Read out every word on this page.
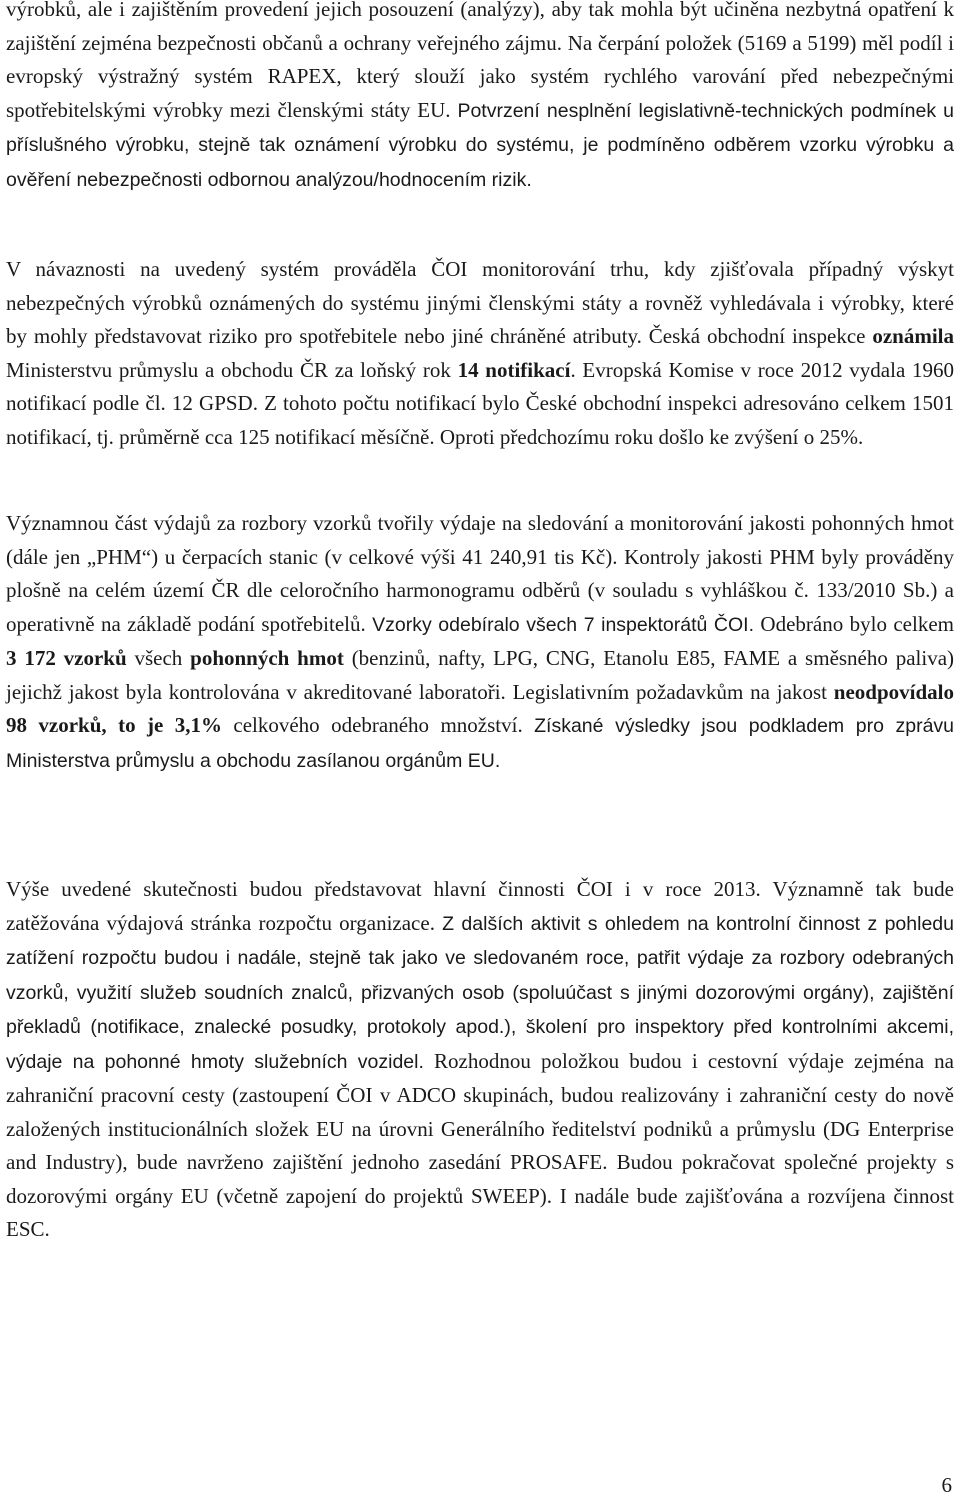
výrobků, ale i zajištěním provedení jejich posouzení (analýzy), aby tak mohla být učiněna nezbytná opatření k zajištění zejména bezpečnosti občanů a ochrany veřejného zájmu. Na čerpání položek (5169 a 5199) měl podíl i evropský výstražný systém RAPEX, který slouží jako systém rychlého varování před nebezpečnými spotřebitelskými výrobky mezi členskými státy EU. Potvrzení nesplnění legislativně-technických podmínek u příslušného výrobku, stejně tak oznámení výrobku do systému, je podmíněno odběrem vzorku výrobku a ověření nebezpečnosti odbornou analýzou/hodnocením rizik.

V návaznosti na uvedený systém prováděla ČOI monitorování trhu, kdy zjišťovala případný výskyt nebezpečných výrobků oznámených do systému jinými členskými státy a rovněž vyhledávala i výrobky, které by mohly představovat riziko pro spotřebitele nebo jiné chráněné atributy. Česká obchodní inspekce oznámila Ministerstvu průmyslu a obchodu ČR za loňský rok 14 notifikací. Evropská Komise v roce 2012 vydala 1960 notifikací podle čl. 12 GPSD. Z tohoto počtu notifikací bylo České obchodní inspekci adresováno celkem 1501 notifikací, tj. průměrně cca 125 notifikací měsíčně. Oproti předchozímu roku došlo ke zvýšení o 25%.

Významnou část výdajů za rozbory vzorků tvořily výdaje na sledování a monitorování jakosti pohonných hmot (dále jen „PHM“) u čerpacích stanic (v celkové výši 41 240,91 tis Kč). Kontroly jakosti PHM byly prováděny plošně na celém území ČR dle celoročního harmonogramu odběrů (v souladu s vyhláškou č. 133/2010 Sb.) a operativně na základě podání spotřebitelů. Vzorky odebíralo všech 7 inspektorátů ČOI. Odebráno bylo celkem 3 172 vzorků všech pohonných hmot (benzinů, nafty, LPG, CNG, Etanolu E85, FAME a směsného paliva) jejichž jakost byla kontrolována v akreditované laboratoři. Legislativním požadavkům na jakost neodpovídalo 98 vzorků, to je 3,1% celkového odebraného množství. Získané výsledky jsou podkladem pro zprávu Ministerstva průmyslu a obchodu zasílanou orgánům EU.

Výše uvedené skutečnosti budou představovat hlavní činnosti ČOI i v roce 2013. Významně tak bude zatěžována výdajová stránka rozpočtu organizace. Z dalších aktivit s ohledem na kontrolní činnost z pohledu zatížení rozpočtu budou i nadále, stejně tak jako ve sledovaném roce, patřit výdaje za rozbory odebraných vzorků, využití služeb soudních znalců, přizvaných osob (spoluúčast s jinými dozorovými orgány), zajištění překladů (notifikace, znalecké posudky, protokoly apod.), školení pro inspektory před kontrolními akcemi, výdaje na pohonné hmoty služebních vozidel. Rozhodnou položkou budou i cestovní výdaje zejména na zahraniční pracovní cesty (zastoupení ČOI v ADCO skupinách, budou realizovány i zahraniční cesty do nově založených institucionálních složek EU na úrovni Generálního ředitelství podniků a průmyslu (DG Enterprise and Industry), bude navrženo zajištění jednoho zasedání PROSAFE. Budou pokračovat společné projekty s dozorovými orgány EU (včetně zapojení do projektů SWEEP). I nadále bude zajišťována a rozvíjena činnost ESC.

6
